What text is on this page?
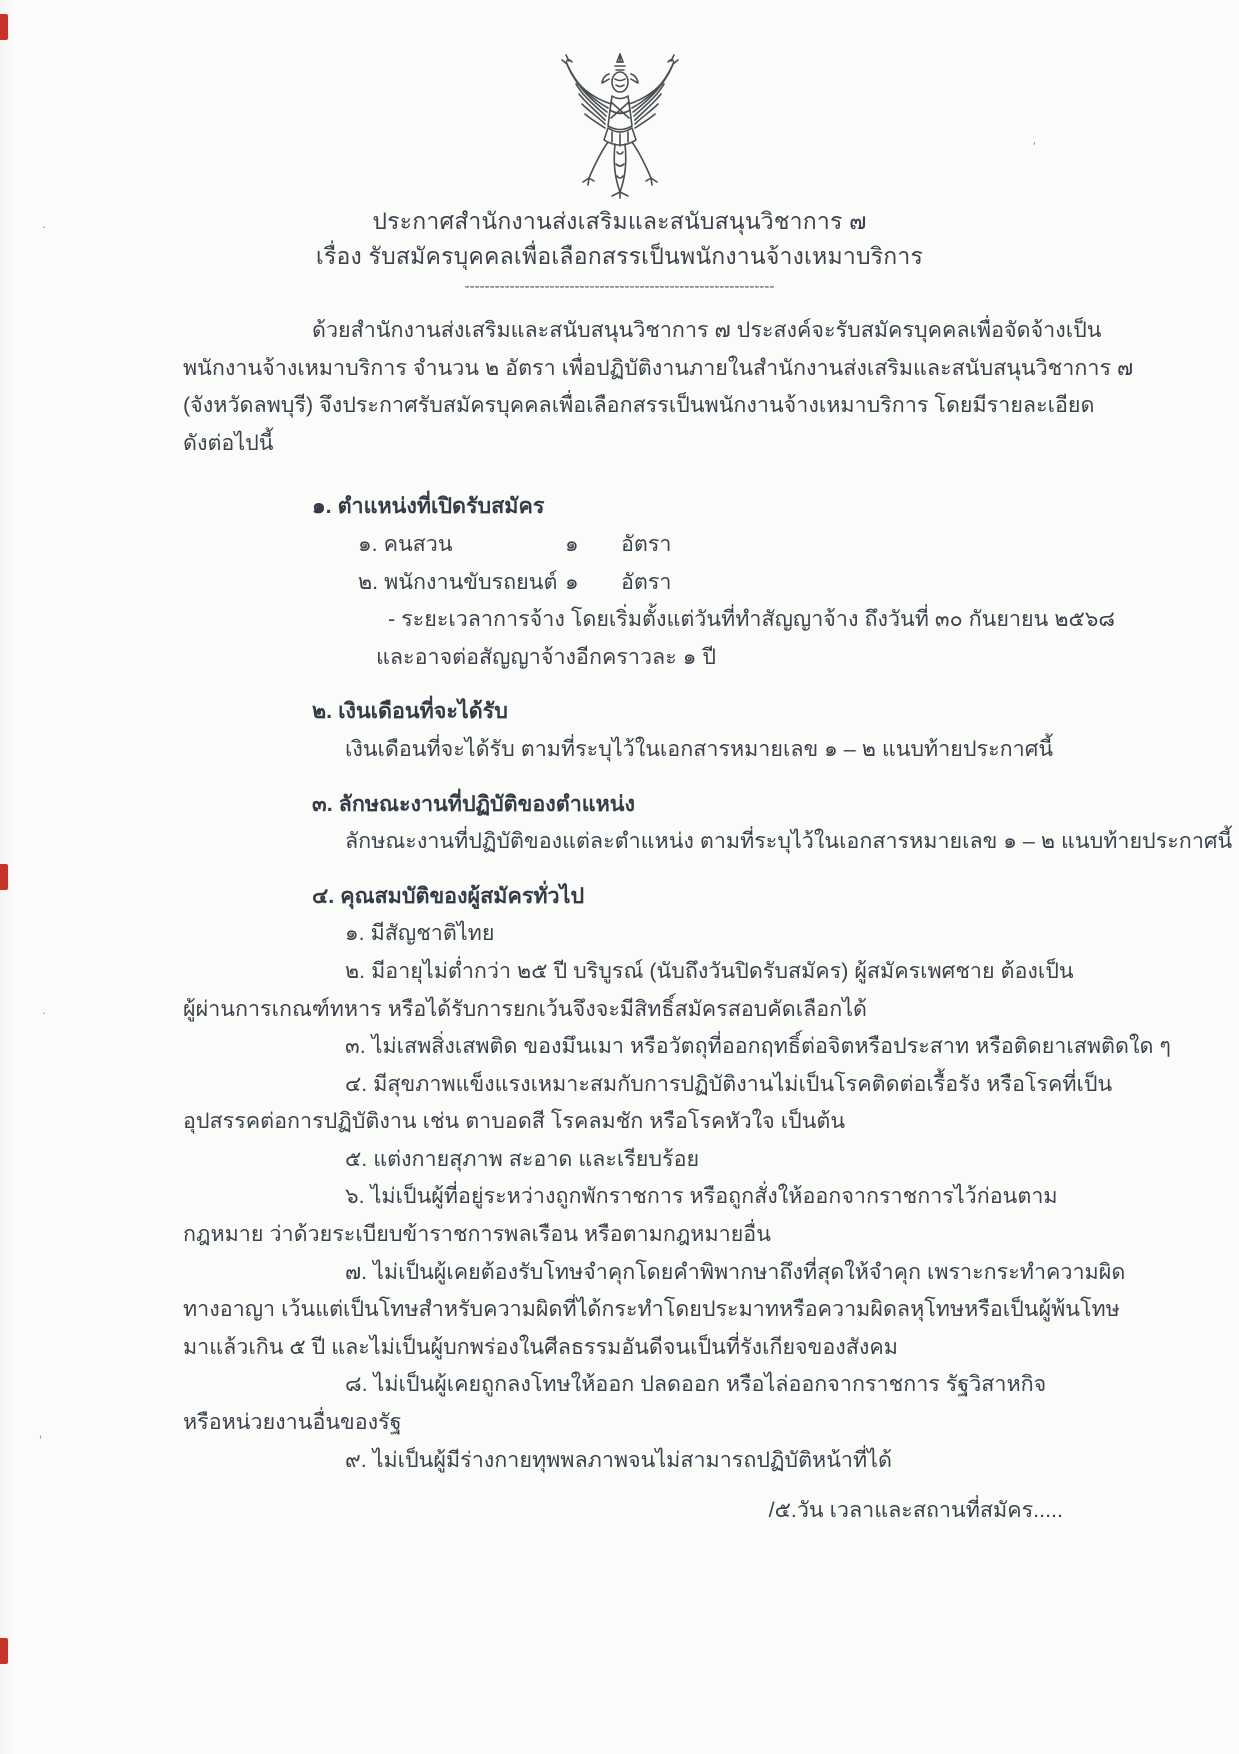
’
·
·
‚
ประกาศสำนักงานส่งเสริมและสนับสนุนวิชาการ ๗
เรื่อง รับสมัครบุคคลเพื่อเลือกสรรเป็นพนักงานจ้างเหมาบริการ
--------------------------------------------------------------
ด้วยสำนักงานส่งเสริมและสนับสนุนวิชาการ ๗ ประสงค์จะรับสมัครบุคคลเพื่อจัดจ้างเป็น
พนักงานจ้างเหมาบริการ จำนวน ๒ อัตรา เพื่อปฏิบัติงานภายในสำนักงานส่งเสริมและสนับสนุนวิชาการ ๗
(จังหวัดลพบุรี) จึงประกาศรับสมัครบุคคลเพื่อเลือกสรรเป็นพนักงานจ้างเหมาบริการ โดยมีรายละเอียด
ดังต่อไปนี้
๑. ตำแหน่งที่เปิดรับสมัคร
๑. คนสวน	๑	อัตรา
๒. พนักงานขับรถยนต์ ๑	อัตรา
- ระยะเวลาการจ้าง โดยเริ่มตั้งแต่วันที่ทำสัญญาจ้าง ถึงวันที่ ๓๐ กันยายน ๒๕๖๘
และอาจต่อสัญญาจ้างอีกคราวละ ๑ ปี
๒. เงินเดือนที่จะได้รับ
เงินเดือนที่จะได้รับ ตามที่ระบุไว้ในเอกสารหมายเลข ๑ – ๒ แนบท้ายประกาศนี้
๓. ลักษณะงานที่ปฏิบัติของตำแหน่ง
ลักษณะงานที่ปฏิบัติของแต่ละตำแหน่ง ตามที่ระบุไว้ในเอกสารหมายเลข ๑ – ๒ แนบท้ายประกาศนี้
๔. คุณสมบัติของผู้สมัครทั่วไป
๑. มีสัญชาติไทย
๒. มีอายุไม่ต่ำกว่า ๒๕ ปี บริบูรณ์ (นับถึงวันปิดรับสมัคร) ผู้สมัครเพศชาย ต้องเป็น
ผู้ผ่านการเกณฑ์ทหาร หรือได้รับการยกเว้นจึงจะมีสิทธิ์สมัครสอบคัดเลือกได้
๓. ไม่เสพสิ่งเสพติด ของมึนเมา หรือวัตถุที่ออกฤทธิ์ต่อจิตหรือประสาท หรือติดยาเสพติดใด ๆ
๔. มีสุขภาพแข็งแรงเหมาะสมกับการปฏิบัติงานไม่เป็นโรคติดต่อเรื้อรัง หรือโรคที่เป็น
อุปสรรคต่อการปฏิบัติงาน เช่น ตาบอดสี โรคลมชัก หรือโรคหัวใจ เป็นต้น
๕. แต่งกายสุภาพ สะอาด และเรียบร้อย
๖. ไม่เป็นผู้ที่อยู่ระหว่างถูกพักราชการ หรือถูกสั่งให้ออกจากราชการไว้ก่อนตาม
กฎหมาย ว่าด้วยระเบียบข้าราชการพลเรือน หรือตามกฎหมายอื่น
๗. ไม่เป็นผู้เคยต้องรับโทษจำคุกโดยคำพิพากษาถึงที่สุดให้จำคุก เพราะกระทำความผิด
ทางอาญา เว้นแต่เป็นโทษสำหรับความผิดที่ได้กระทำโดยประมาทหรือความผิดลหุโทษหรือเป็นผู้พ้นโทษ
มาแล้วเกิน ๕ ปี และไม่เป็นผู้บกพร่องในศีลธรรมอันดีจนเป็นที่รังเกียจของสังคม
๘. ไม่เป็นผู้เคยถูกลงโทษให้ออก ปลดออก หรือไล่ออกจากราชการ รัฐวิสาหกิจ
หรือหน่วยงานอื่นของรัฐ
๙. ไม่เป็นผู้มีร่างกายทุพพลภาพจนไม่สามารถปฏิบัติหน้าที่ได้
/๕.วัน เวลาและสถานที่สมัคร.....
